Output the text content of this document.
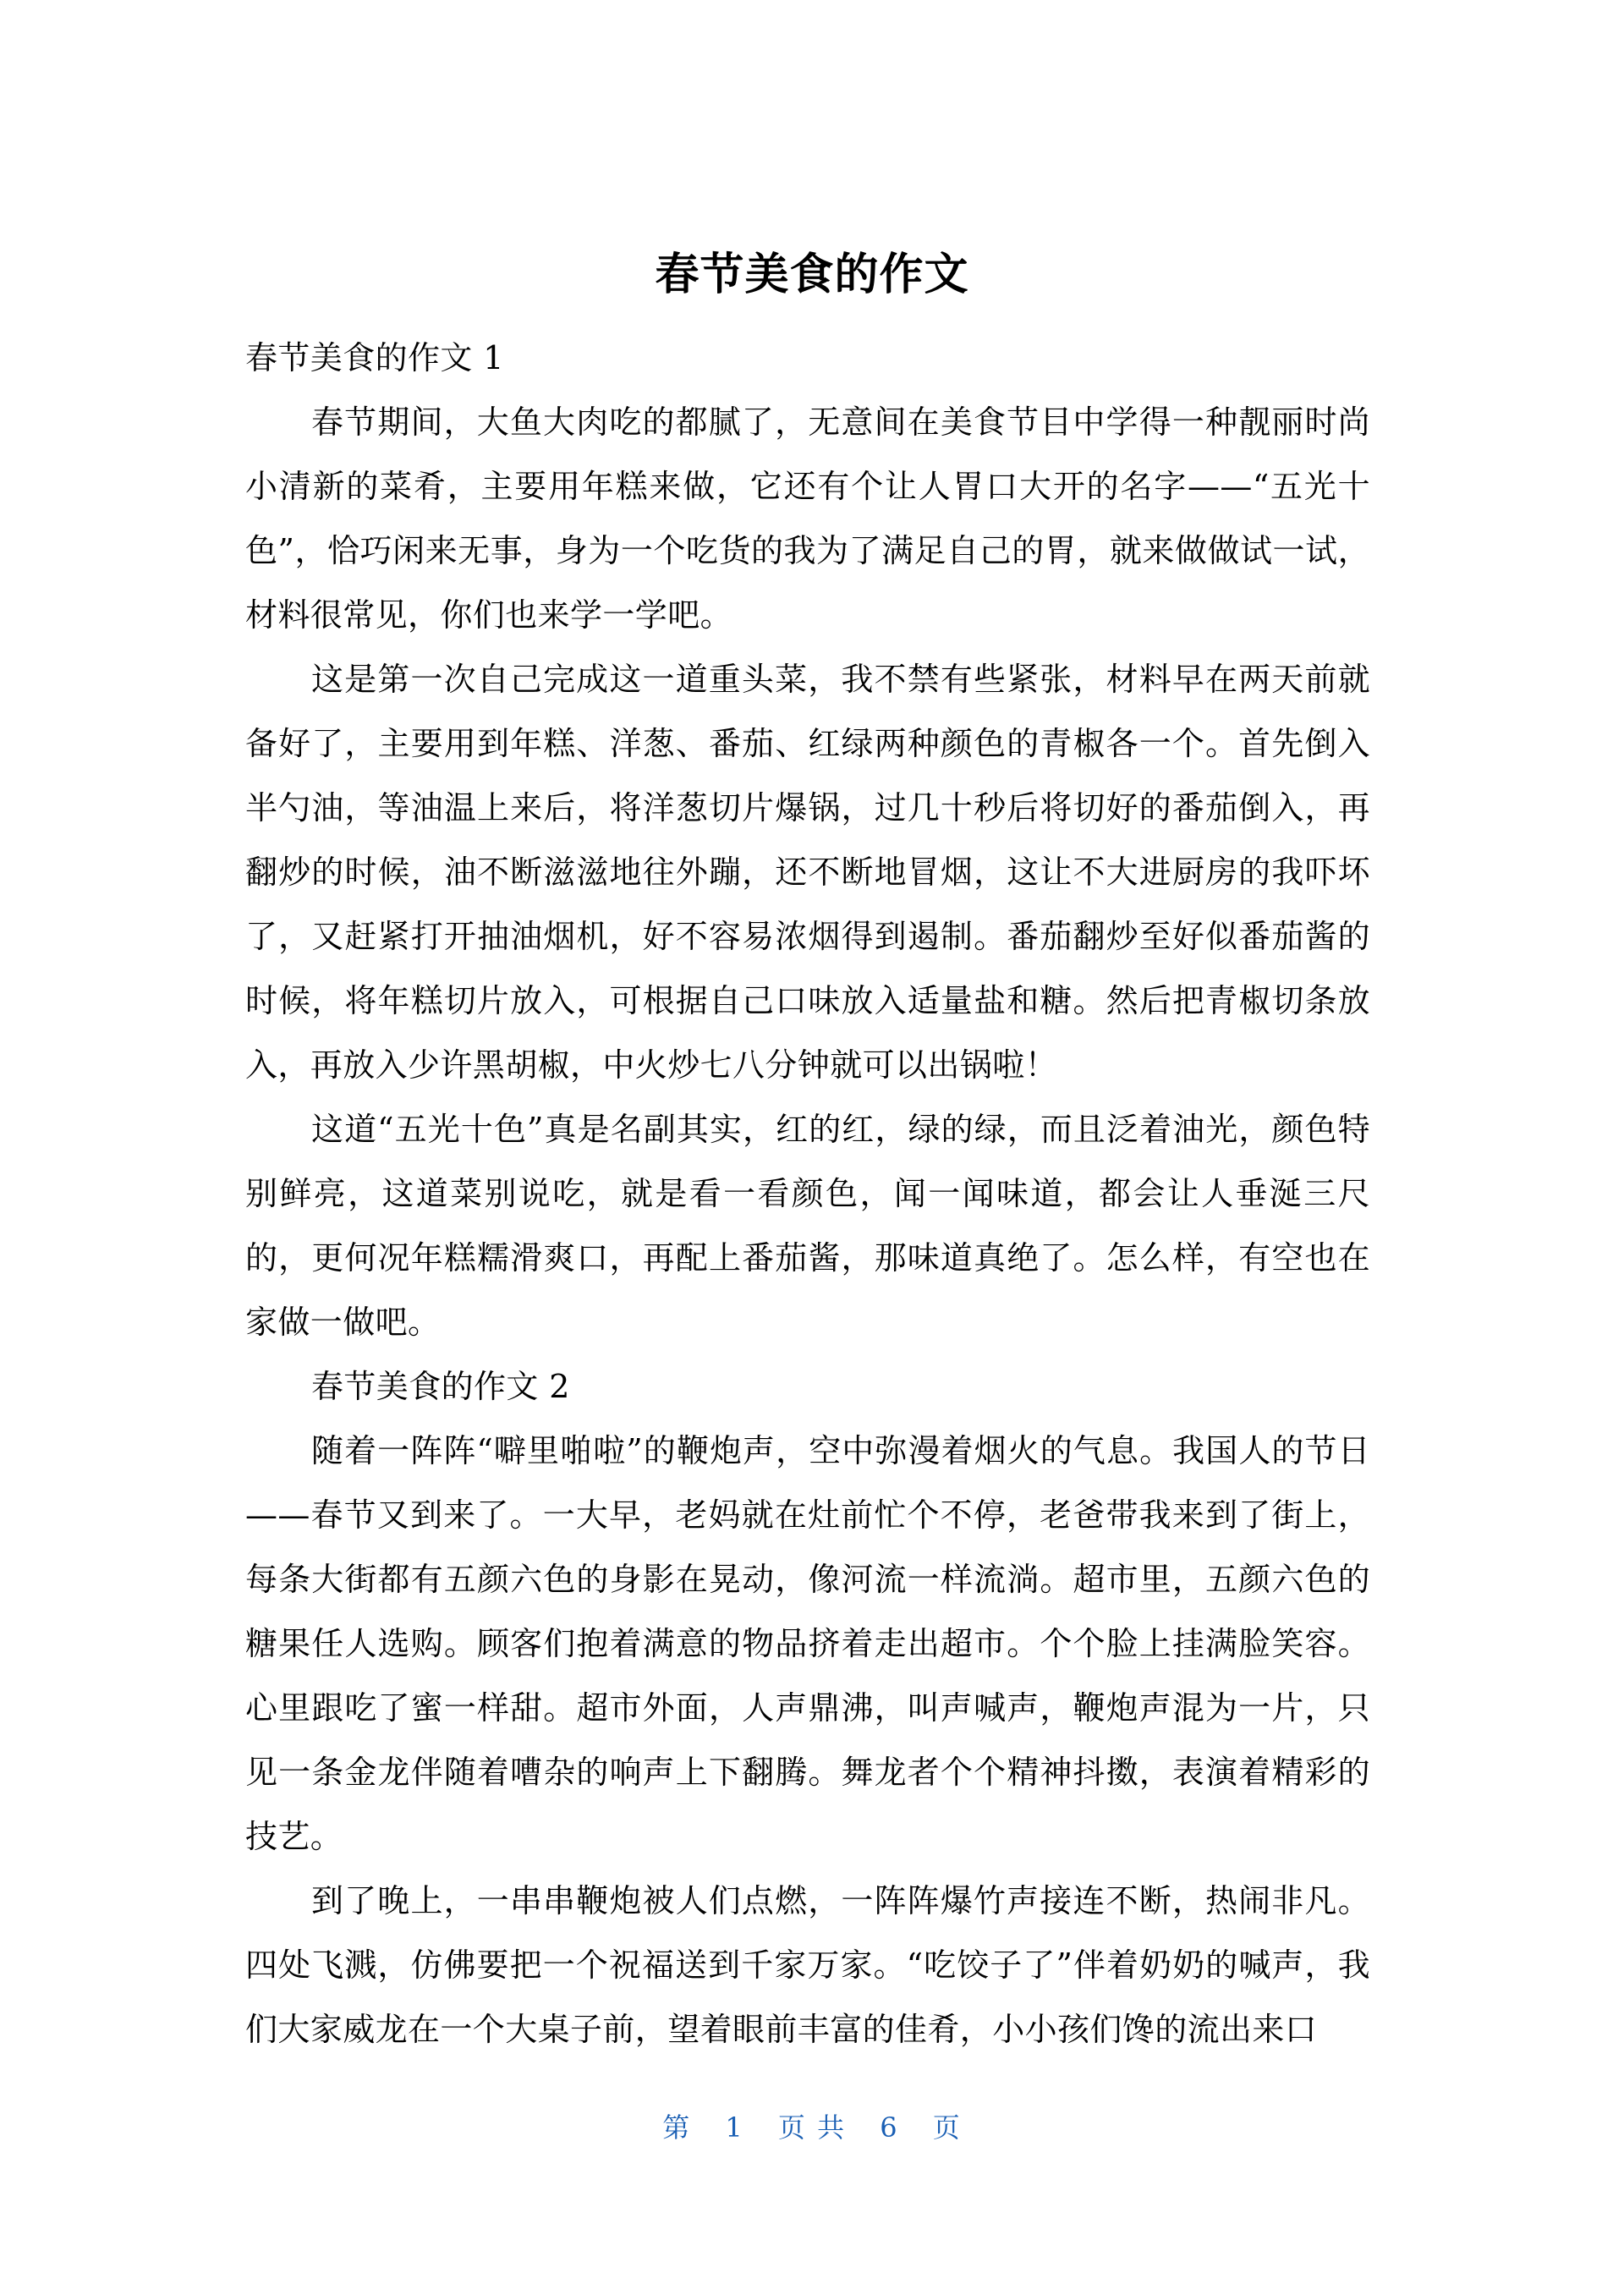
春节美食的作文

春节美食的作文 1

春节期间，大鱼大肉吃的都腻了，无意间在美食节目中学得一种靓丽时尚小清新的菜肴，主要用年糕来做，它还有个让人胃口大开的名字——“五光十色”，恰巧闲来无事，身为一个吃货的我为了满足自己的胃，就来做做试一试，材料很常见，你们也来学一学吧。

这是第一次自己完成这一道重头菜，我不禁有些紧张，材料早在两天前就备好了，主要用到年糕、洋葱、番茄、红绿两种颜色的青椒各一个。首先倒入半勺油，等油温上来后，将洋葱切片爆锅，过几十秒后将切好的番茄倒入，再翻炒的时候，油不断滋滋地往外蹦，还不断地冒烟，这让不大进厨房的我吓坏了，又赶紧打开抽油烟机，好不容易浓烟得到遏制。番茄翻炒至好似番茄酱的时候，将年糕切片放入，可根据自己口味放入适量盐和糖。然后把青椒切条放入，再放入少许黑胡椒，中火炒七八分钟就可以出锅啦！

这道“五光十色”真是名副其实，红的红，绿的绿，而且泛着油光，颜色特别鲜亮，这道菜别说吃，就是看一看颜色，闻一闻味道，都会让人垂涎三尺的，更何况年糕糯滑爽口，再配上番茄酱，那味道真绝了。怎么样，有空也在家做一做吧。

春节美食的作文 2

随着一阵阵“噼里啪啦”的鞭炮声，空中弥漫着烟火的气息。我国人的节日——春节又到来了。一大早，老妈就在灶前忙个不停，老爸带我来到了街上，每条大街都有五颜六色的身影在晃动，像河流一样流淌。超市里，五颜六色的糖果任人选购。顾客们抱着满意的物品挤着走出超市。个个脸上挂满脸笑容。心里跟吃了蜜一样甜。超市外面，人声鼎沸，叫声喊声，鞭炮声混为一片，只见一条金龙伴随着嘈杂的响声上下翻腾。舞龙者个个精神抖擞，表演着精彩的技艺。

到了晚上，一串串鞭炮被人们点燃，一阵阵爆竹声接连不断，热闹非凡。四处飞溅，仿佛要把一个祝福送到千家万家。“吃饺子了”伴着奶奶的喊声，我们大家威龙在一个大桌子前，望着眼前丰富的佳肴，小小孩们馋的流出来口

第 1 页 共 6 页
